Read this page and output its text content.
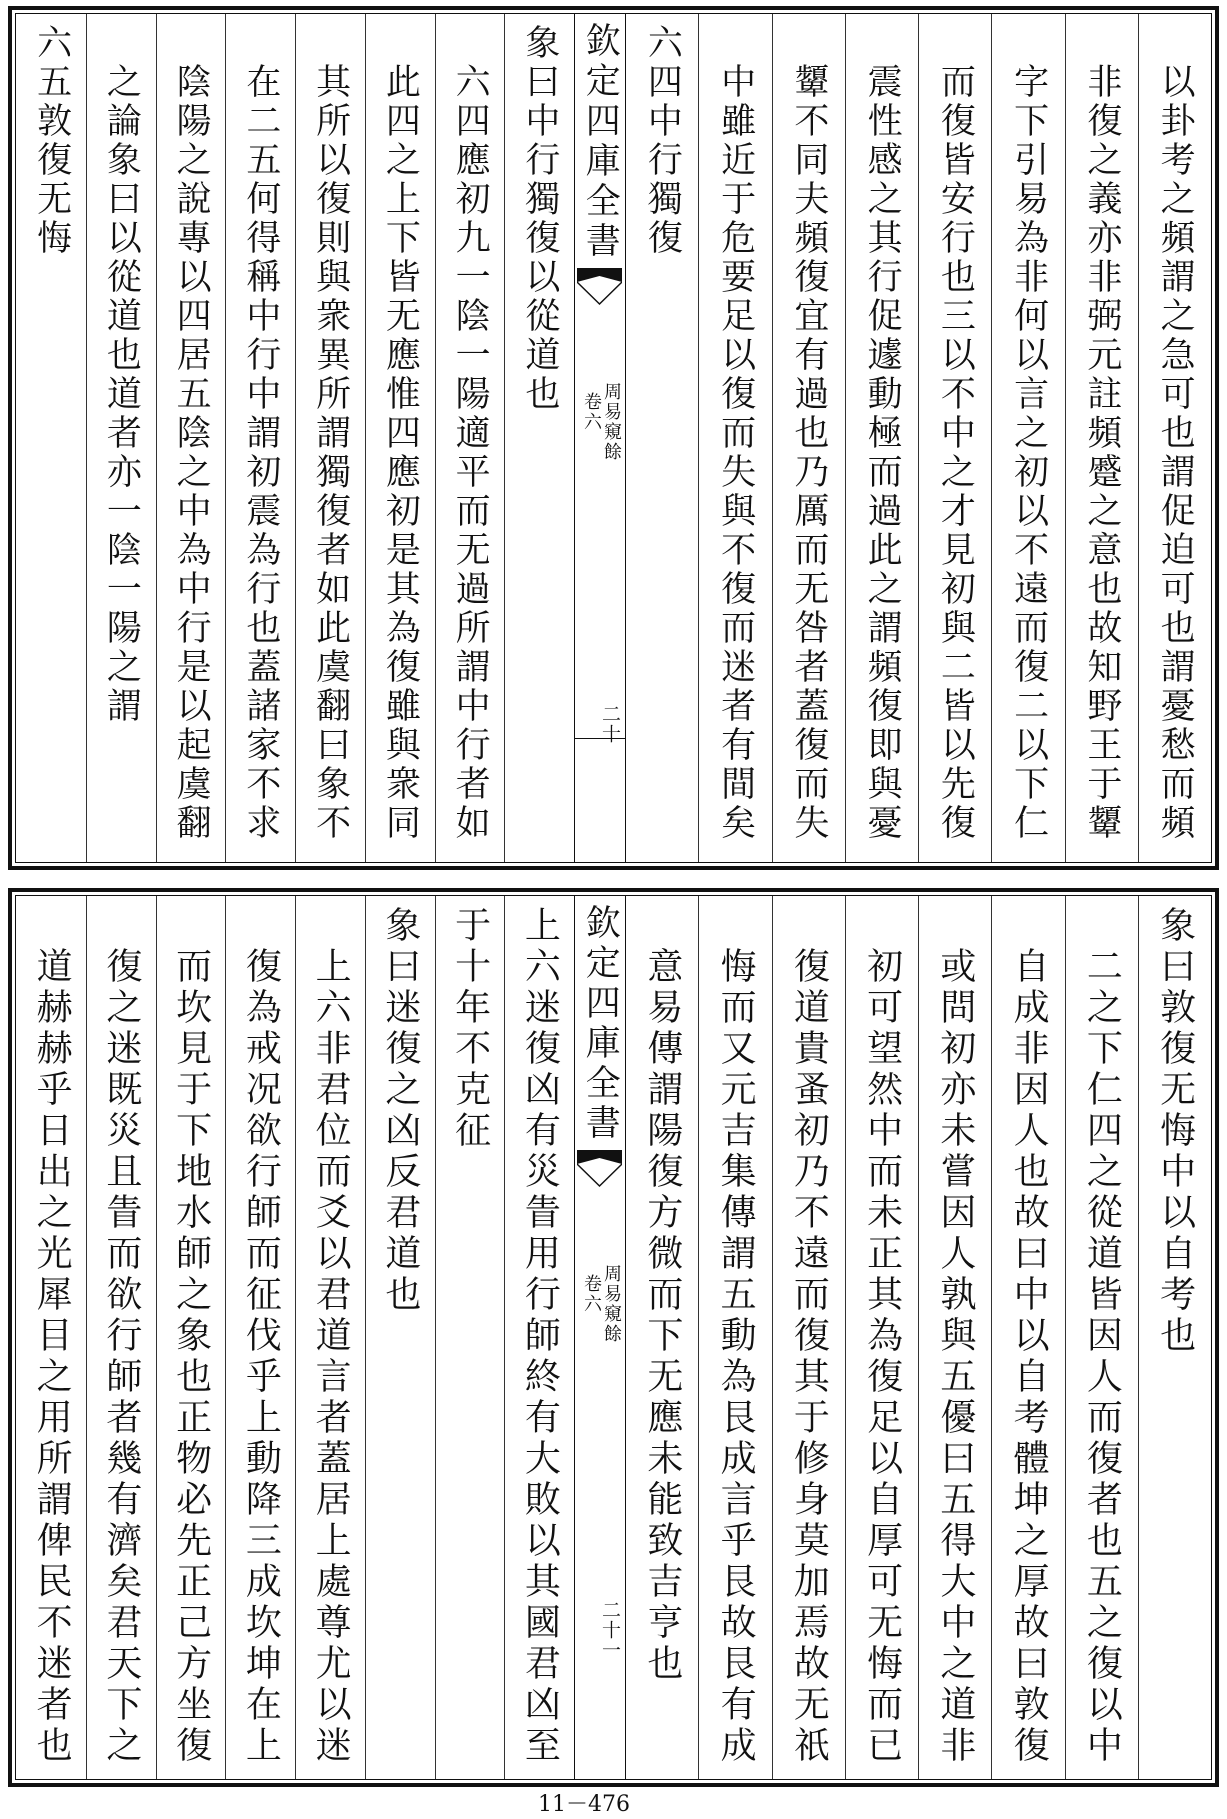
以卦考之頻謂之急可也謂促迫可也謂憂愁而頻
非復之義亦非弼元註頻蹙之意也故知野王于顰
字下引易為非何以言之初以不遠而復二以下仁
而復皆安行也三以不中之才見初與二皆以先復
震性感之其行促遽動極而過此之謂頻復即與憂
顰不同夫頻復宜有過也乃厲而无咎者蓋復而失
中雖近于危要足以復而失與不復而迷者有間矣
六四中行獨復
欽定四庫全書
周易窺餘
卷六
二十
象曰中行獨復以從道也
六四應初九一陰一陽適平而无過所謂中行者如
此四之上下皆无應惟四應初是其為復雖與衆同
其所以復則與衆異所謂獨復者如此虞翻曰象不
在二五何得稱中行中謂初震為行也蓋諸家不求
陰陽之說專以四居五陰之中為中行是以起虞翻
之論象曰以從道也道者亦一陰一陽之謂
六五敦復无悔
象曰敦復无悔中以自考也
二之下仁四之從道皆因人而復者也五之復以中
自成非因人也故曰中以自考體坤之厚故曰敦復
或問初亦未嘗因人孰與五優曰五得大中之道非
初可望然中而未正其為復足以自厚可无悔而已
復道貴蚤初乃不遠而復其于修身莫加焉故无祇
悔而又元吉集傳謂五動為艮成言乎艮故艮有成
意易傳謂陽復方微而下无應未能致吉亨也
欽定四庫全書
周易窺餘
卷六
二十一
上六迷復凶有災眚用行師終有大敗以其國君凶至
于十年不克征
象曰迷復之凶反君道也
上六非君位而爻以君道言者蓋居上處尊尤以迷
復為戒况欲行師而征伐乎上動降三成坎坤在上
而坎見于下地水師之象也正物必先正己方坐復
復之迷既災且眚而欲行師者幾有濟矣君天下之
道赫赫乎日出之光犀目之用所謂俾民不迷者也
11－476
